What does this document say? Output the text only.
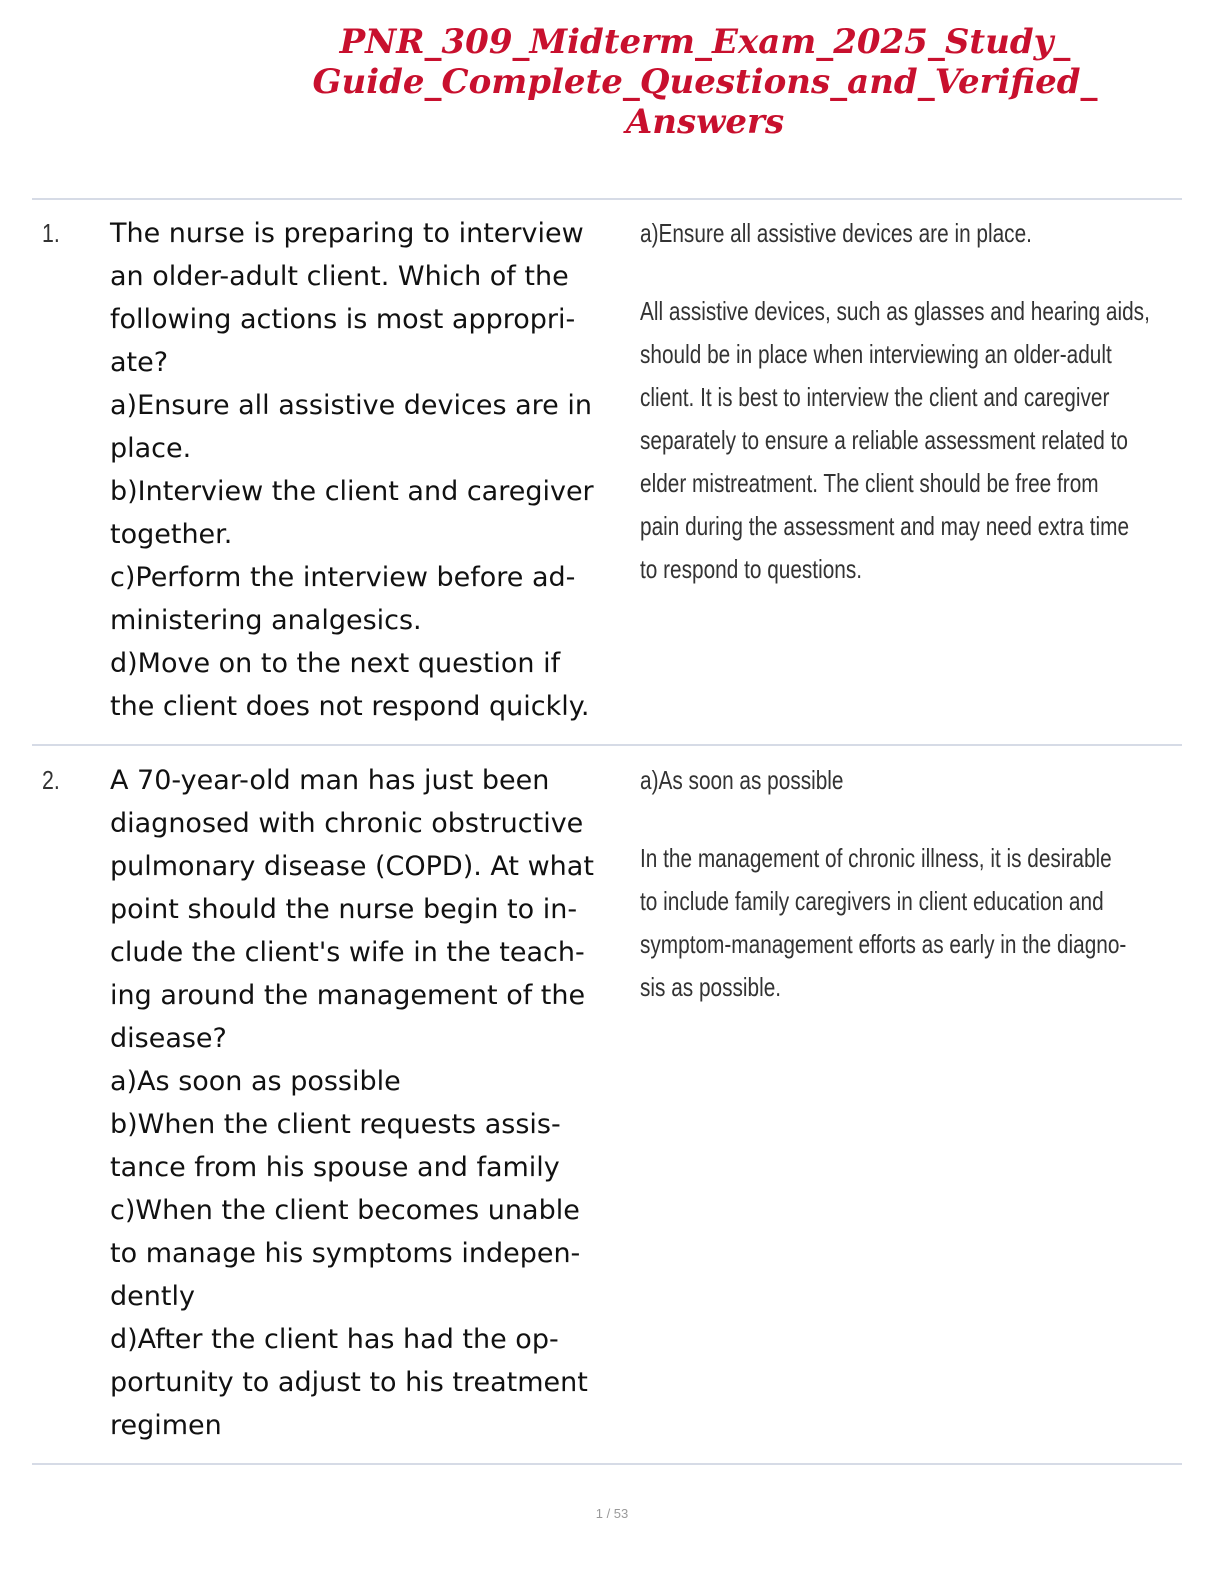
PNR_309_Midterm_Exam_2025_Study_
Guide_Complete_Questions_and_Verified_
Answers
1. The nurse is preparing to interview
an older-adult client. Which of the
following actions is most appropri-
ate?
a)Ensure all assistive devices are in
place.
b)Interview the client and caregiver
together.
c)Perform the interview before ad-
ministering analgesics.
d)Move on to the next question if
the client does not respond quickly.
a)Ensure all assistive devices are in place.
All assistive devices, such as glasses and hearing aids,
should be in place when interviewing an older-adult
client. It is best to interview the client and caregiver
separately to ensure a reliable assessment related to
elder mistreatment. The client should be free from
pain during the assessment and may need extra time
to respond to questions.
2. A 70-year-old man has just been
diagnosed with chronic obstructive
pulmonary disease (COPD). At what
point should the nurse begin to in-
clude the client's wife in the teach-
ing around the management of the
disease?
a)As soon as possible
b)When the client requests assis-
tance from his spouse and family
c)When the client becomes unable
to manage his symptoms indepen-
dently
d)After the client has had the op-
portunity to adjust to his treatment
regimen
a)As soon as possible
In the management of chronic illness, it is desirable
to include family caregivers in client education and
symptom-management efforts as early in the diagno-
sis as possible.
1 / 53
